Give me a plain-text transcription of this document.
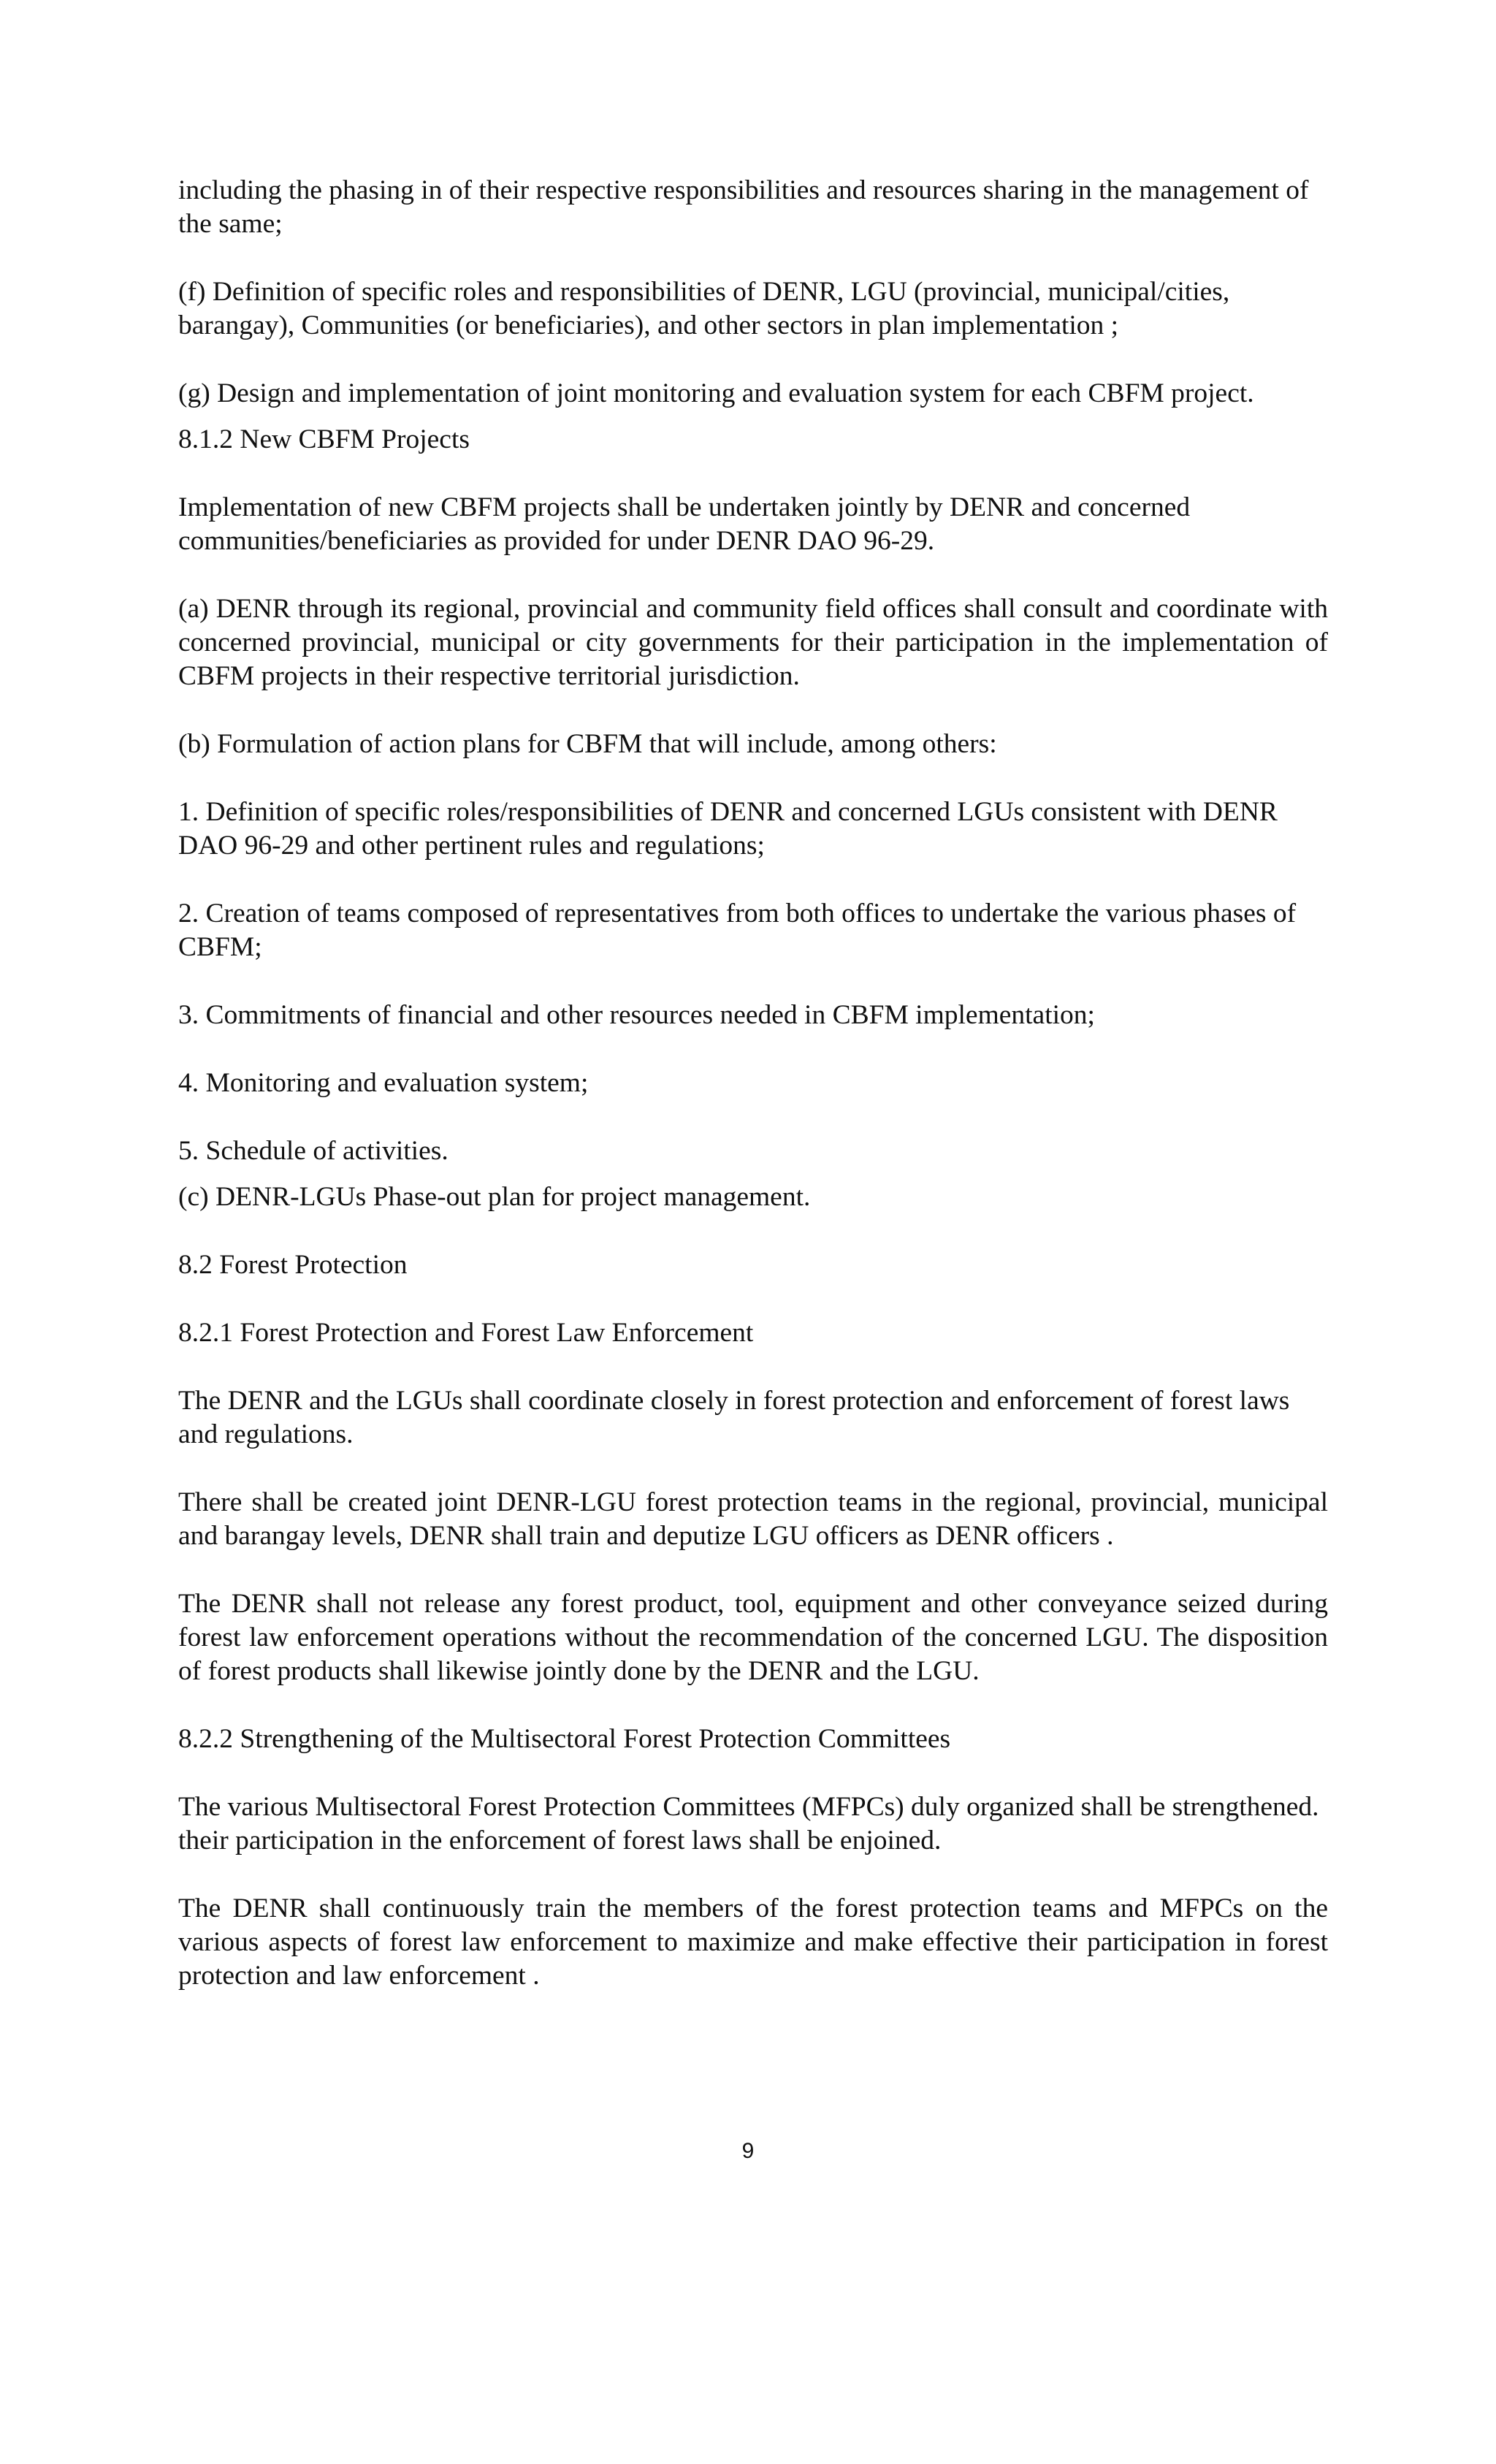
including the phasing in of their respective responsibilities and resources sharing in the management of the same;

(f) Definition of specific roles and responsibilities of DENR, LGU (provincial, municipal/cities, barangay), Communities (or beneficiaries), and other sectors in plan implementation ;

(g) Design and implementation of joint monitoring and evaluation system for each CBFM project.

8.1.2 New CBFM Projects

Implementation of new CBFM projects shall be undertaken jointly by DENR and concerned communities/beneficiaries as provided for under DENR DAO 96-29.

(a) DENR through its regional, provincial and community field offices shall consult and coordinate with concerned provincial, municipal or city governments for their participation in the implementation of CBFM projects in their respective territorial jurisdiction.

(b) Formulation of action plans for CBFM that will include, among others:

1. Definition of specific roles/responsibilities of DENR and concerned LGUs consistent with DENR DAO 96-29 and other pertinent rules and regulations;

2. Creation of teams composed of representatives from both offices to undertake the various phases of CBFM;

3. Commitments of financial and other resources needed in CBFM implementation;

4. Monitoring and evaluation system;

5. Schedule of activities.

(c) DENR-LGUs Phase-out plan for project management.

8.2 Forest Protection

8.2.1 Forest Protection and Forest Law Enforcement

The DENR and the LGUs shall coordinate closely in forest protection and enforcement of forest laws and regulations.

There shall be created joint DENR-LGU forest protection teams in the regional, provincial, municipal and barangay levels, DENR shall train and deputize LGU officers as DENR officers .

The DENR shall not release any forest product, tool, equipment and other conveyance seized during forest law enforcement operations without the recommendation of the concerned LGU. The disposition of forest products shall likewise jointly done by the DENR and the LGU.

8.2.2 Strengthening of the Multisectoral Forest Protection Committees

The various Multisectoral Forest Protection Committees (MFPCs) duly organized shall be strengthened. their participation in the enforcement of forest laws shall be enjoined.

The DENR shall continuously train the members of the forest protection teams and MFPCs on the various aspects of forest law enforcement to maximize and make effective their participation in forest protection and law enforcement .

9
